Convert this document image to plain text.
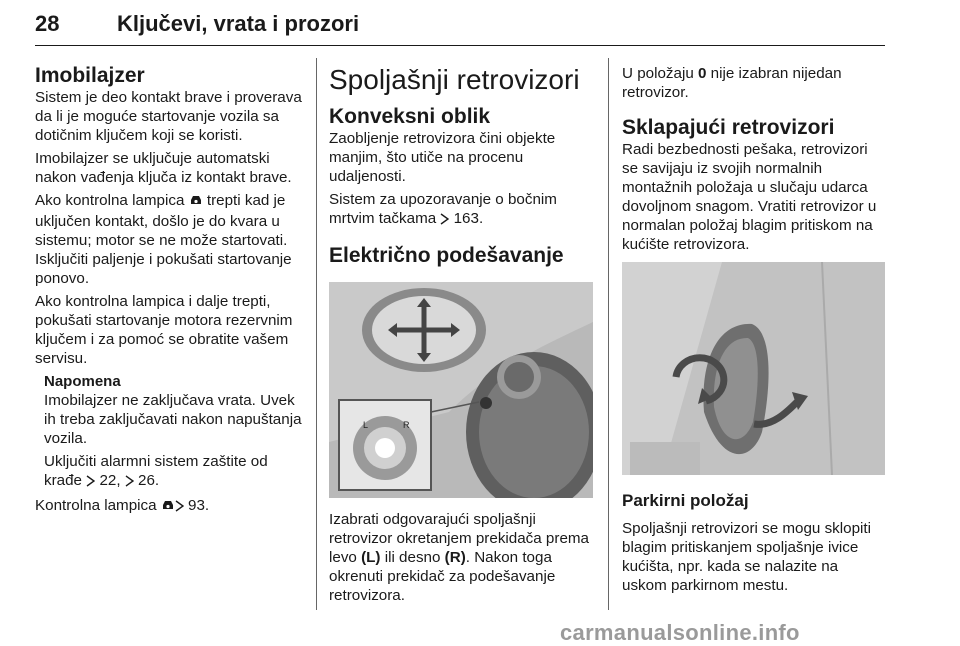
28	Ključevi, vrata i prozori
Imobilajzer

Sistem je deo kontakt brave i proverava da li je moguće startovanje vozila sa dotičnim ključem koji se koristi.

Imobilajzer se uključuje automatski nakon vađenja ključa iz kontakt brave.

Ako kontrolna lampica  trepti kad je uključen kontakt, došlo je do kvara u sistemu; motor se ne može startovati. Isključiti paljenje i pokušati startovanje ponovo.

Ako kontrolna lampica i dalje trepti, pokušati startovanje motora rezervnim ključem i za pomoć se obratite vašem servisu.

Napomena

Imobilajzer ne zaključava vrata. Uvek ih treba zaključavati nakon napuštanja vozila.

Uključiti alarmni sistem zaštite od krađe  22,  26.

Kontrolna lampica  93.

Spoljašnji retrovizori
Konveksni oblik

Zaobljenje retrovizora čini objekte manjim, što utiče na procenu udaljenosti.

Sistem za upozoravanje o bočnim mrtvim tačkama  163.

Električno podešavanje
L	R

Izabrati odgovarajući spoljašnji retrovizor okretanjem prekidača prema levo (L) ili desno (R). Nakon toga okrenuti prekidač za podešavanje retrovizora.

U položaju 0 nije izabran nijedan retrovizor.

Sklapajući retrovizori

Radi bezbednosti pešaka, retrovizori se savijaju iz svojih normalnih montažnih položaja u slučaju udarca dovoljnom snagom. Vratiti retrovizor u normalan položaj blagim pritiskom na kućište retrovizora.

Parkirni položaj

Spoljašnji retrovizori se mogu sklopiti blagim pritiskanjem spoljašnje ivice kućišta, npr. kada se nalazite na uskom parkirnom mestu.

carmanualsonline.info
